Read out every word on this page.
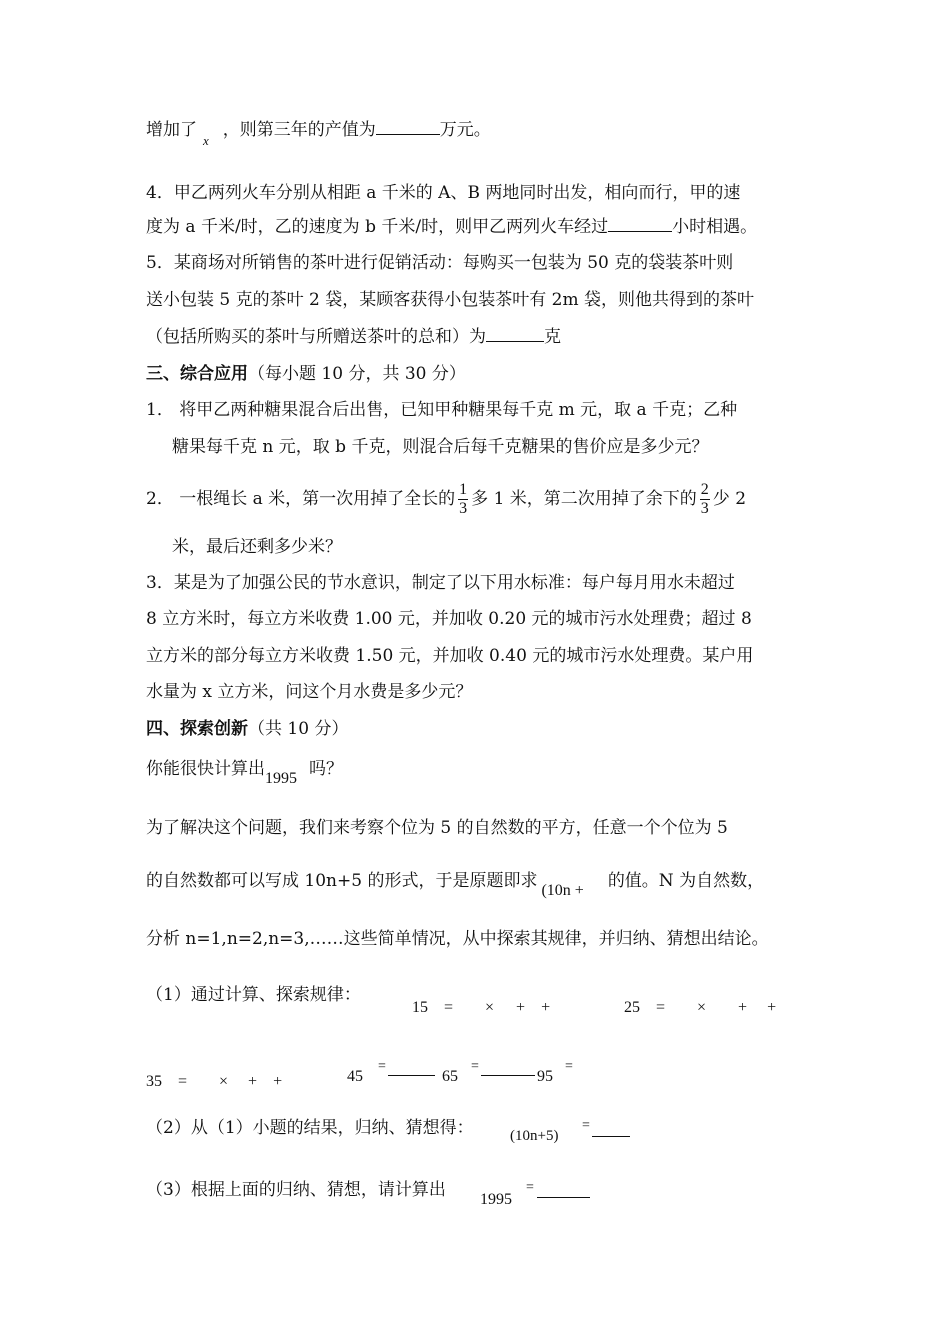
增加了$_x$，则第三年的产值为	万元。
4．甲乙两列火车分别从相距 a 千米的 A、B 两地同时出发，相向而行，甲的速
度为 a 千米/时，乙的速度为 b 千米/时，则甲乙两列火车经过	小时相遇。
5．某商场对所销售的茶叶进行促销活动：每购买一包装为 50 克的袋装茶叶则
送小包装 5 克的茶叶 2 袋，某顾客获得小包装茶叶有 2m 袋，则他共得到的茶叶
（包括所购买的茶叶与所赠送茶叶的总和）为	克
三、综合应用（每小题 10 分，共 30 分）
1． 将甲乙两种糖果混合后出售，已知甲种糖果每千克 m 元，取 a 千克；乙种
糖果每千克 n 元，取 b 千克，则混合后每千克糖果的售价应是多少元？
2． 一根绳长 a 米，第一次用掉了全长的 $\frac{1}{3}$ 多 1 米，第二次用掉了余下的 $\frac{2}{3}$ 少 2
米，最后还剩多少米？
3．某是为了加强公民的节水意识，制定了以下用水标准：每户每月用水未超过
8 立方米时，每立方米收费 1.00 元，并加收 0.20 元的城市污水处理费；超过 8
立方米的部分每立方米收费 1.50 元，并加收 0.40 元的城市污水处理费。某户用
水量为 x 立方米，问这个月水费是多少元？
四、探索创新（共 10 分）
你能很快计算出1995 吗？
为了解决这个问题，我们来考察个位为 5 的自然数的平方，任意一个个位为 5
的自然数都可以写成 10n+5 的形式，于是原题即求 (10n + 的值。N 为自然数，
分析 n=1,n=2,n=3,……这些简单情况，从中探索其规律，并归纳、猜想出结论。
（1）通过计算、探索规律：
15　=　　×　 +　+	25　=　　×　　+　 +
35　=　　×　 +　+	45
=
65
=
95
=
（2）从（1）小题的结果，归纳、猜想得： (10n+5)
=
（3）根据上面的归纳、猜想，请计算出 1995
=
